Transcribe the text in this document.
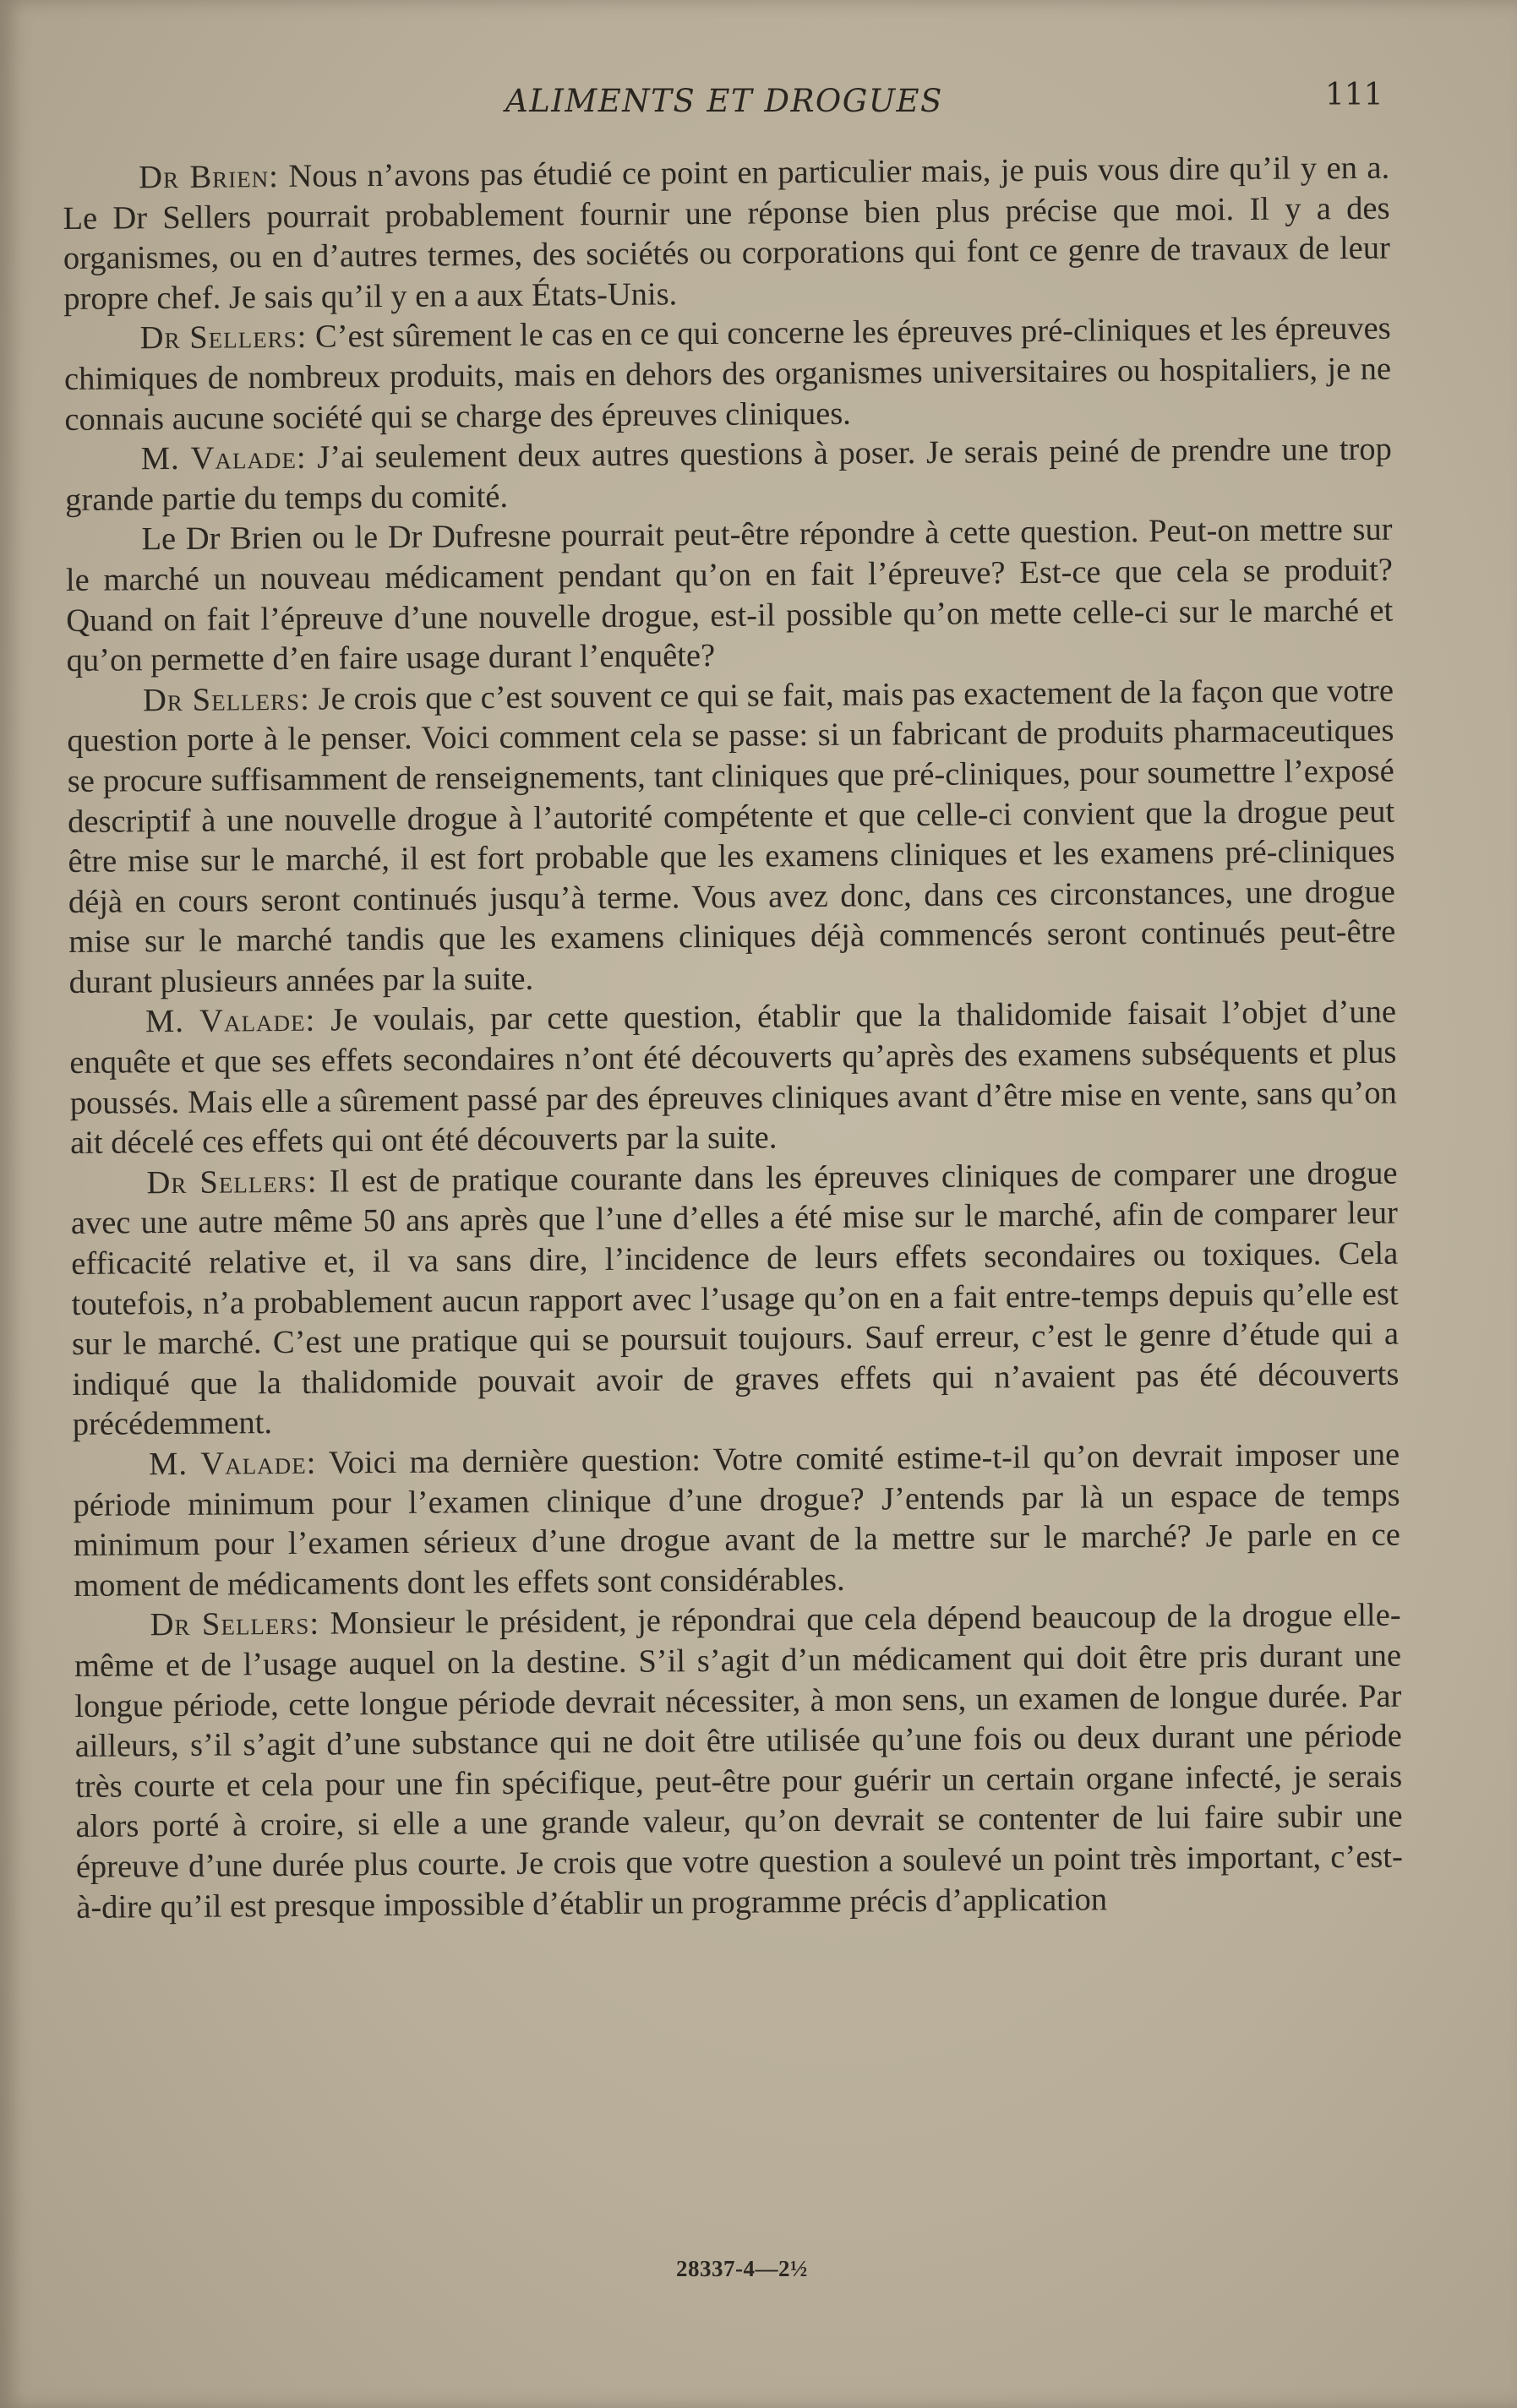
ALIMENTS ET DROGUES	111

Dr Brien: Nous n’avons pas étudié ce point en particulier mais, je puis vous dire qu’il y en a. Le Dr Sellers pourrait probablement fournir une réponse bien plus précise que moi. Il y a des organismes, ou en d’autres termes, des sociétés ou corporations qui font ce genre de travaux de leur propre chef. Je sais qu’il y en a aux États-Unis.

Dr Sellers: C’est sûrement le cas en ce qui concerne les épreuves pré-cliniques et les épreuves chimiques de nombreux produits, mais en dehors des organismes universitaires ou hospitaliers, je ne connais aucune société qui se charge des épreuves cliniques.

M. Valade: J’ai seulement deux autres questions à poser. Je serais peiné de prendre une trop grande partie du temps du comité.

Le Dr Brien ou le Dr Dufresne pourrait peut-être répondre à cette question. Peut-on mettre sur le marché un nouveau médicament pendant qu’on en fait l’épreuve? Est-ce que cela se produit? Quand on fait l’épreuve d’une nouvelle drogue, est-il possible qu’on mette celle-ci sur le marché et qu’on permette d’en faire usage durant l’enquête?

Dr Sellers: Je crois que c’est souvent ce qui se fait, mais pas exactement de la façon que votre question porte à le penser. Voici comment cela se passe: si un fabricant de produits pharmaceutiques se procure suffisamment de renseignements, tant cliniques que pré-cliniques, pour soumettre l’exposé descriptif à une nouvelle drogue à l’autorité compétente et que celle-ci convient que la drogue peut être mise sur le marché, il est fort probable que les examens cliniques et les examens pré-cliniques déjà en cours seront continués jusqu’à terme. Vous avez donc, dans ces circonstances, une drogue mise sur le marché tandis que les examens cliniques déjà commencés seront continués peut-être durant plusieurs années par la suite.

M. Valade: Je voulais, par cette question, établir que la thalidomide faisait l’objet d’une enquête et que ses effets secondaires n’ont été découverts qu’après des examens subséquents et plus poussés. Mais elle a sûrement passé par des épreuves cliniques avant d’être mise en vente, sans qu’on ait décelé ces effets qui ont été découverts par la suite.

Dr Sellers: Il est de pratique courante dans les épreuves cliniques de comparer une drogue avec une autre même 50 ans après que l’une d’elles a été mise sur le marché, afin de comparer leur efficacité relative et, il va sans dire, l’incidence de leurs effets secondaires ou toxiques. Cela toutefois, n’a probablement aucun rapport avec l’usage qu’on en a fait entre-temps depuis qu’elle est sur le marché. C’est une pratique qui se poursuit toujours. Sauf erreur, c’est le genre d’étude qui a indiqué que la thalidomide pouvait avoir de graves effets qui n’avaient pas été découverts précédemment.

M. Valade: Voici ma dernière question: Votre comité estime-t-il qu’on devrait imposer une période minimum pour l’examen clinique d’une drogue? J’entends par là un espace de temps minimum pour l’examen sérieux d’une drogue avant de la mettre sur le marché? Je parle en ce moment de médicaments dont les effets sont considérables.

Dr Sellers: Monsieur le président, je répondrai que cela dépend beaucoup de la drogue elle-même et de l’usage auquel on la destine. S’il s’agit d’un médicament qui doit être pris durant une longue période, cette longue période devrait nécessiter, à mon sens, un examen de longue durée. Par ailleurs, s’il s’agit d’une substance qui ne doit être utilisée qu’une fois ou deux durant une période très courte et cela pour une fin spécifique, peut-être pour guérir un certain organe infecté, je serais alors porté à croire, si elle a une grande valeur, qu’on devrait se contenter de lui faire subir une épreuve d’une durée plus courte. Je crois que votre question a soulevé un point très important, c’est-à-dire qu’il est presque impossible d’établir un programme précis d’application

28337-4—2½
